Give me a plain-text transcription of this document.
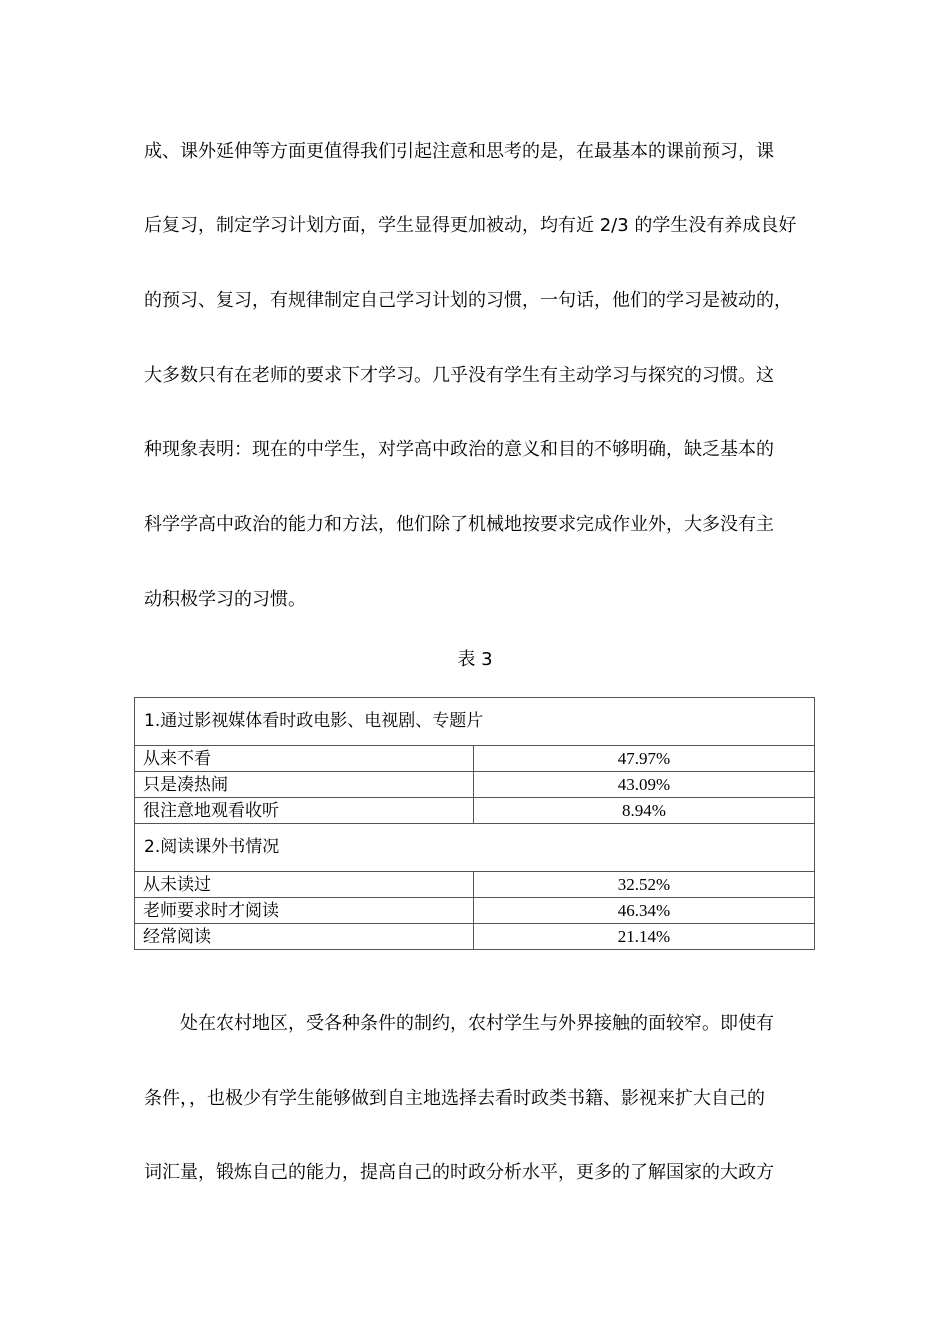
成、课外延伸等方面更值得我们引起注意和思考的是，在最基本的课前预习，课
后复习，制定学习计划方面，学生显得更加被动，均有近 2/3 的学生没有养成良好
的预习、复习，有规律制定自己学习计划的习惯，一句话，他们的学习是被动的，
大多数只有在老师的要求下才学习。几乎没有学生有主动学习与探究的习惯。这
种现象表明：现在的中学生，对学高中政治的意义和目的不够明确，缺乏基本的
科学学高中政治的能力和方法，他们除了机械地按要求完成作业外，大多没有主
动积极学习的习惯。
表 3
1.通过影视媒体看时政电影、电视剧、专题片	
从来不看	47.97%
只是凑热闹	43.09%
很注意地观看收听	8.94%
2.阅读课外书情况	
从未读过	32.52%
老师要求时才阅读	46.34%
经常阅读	21.14%
处在农村地区，受各种条件的制约，农村学生与外界接触的面较窄。即使有
条件，，也极少有学生能够做到自主地选择去看时政类书籍、影视来扩大自己的
词汇量，锻炼自己的能力，提高自己的时政分析水平，更多的了解国家的大政方
